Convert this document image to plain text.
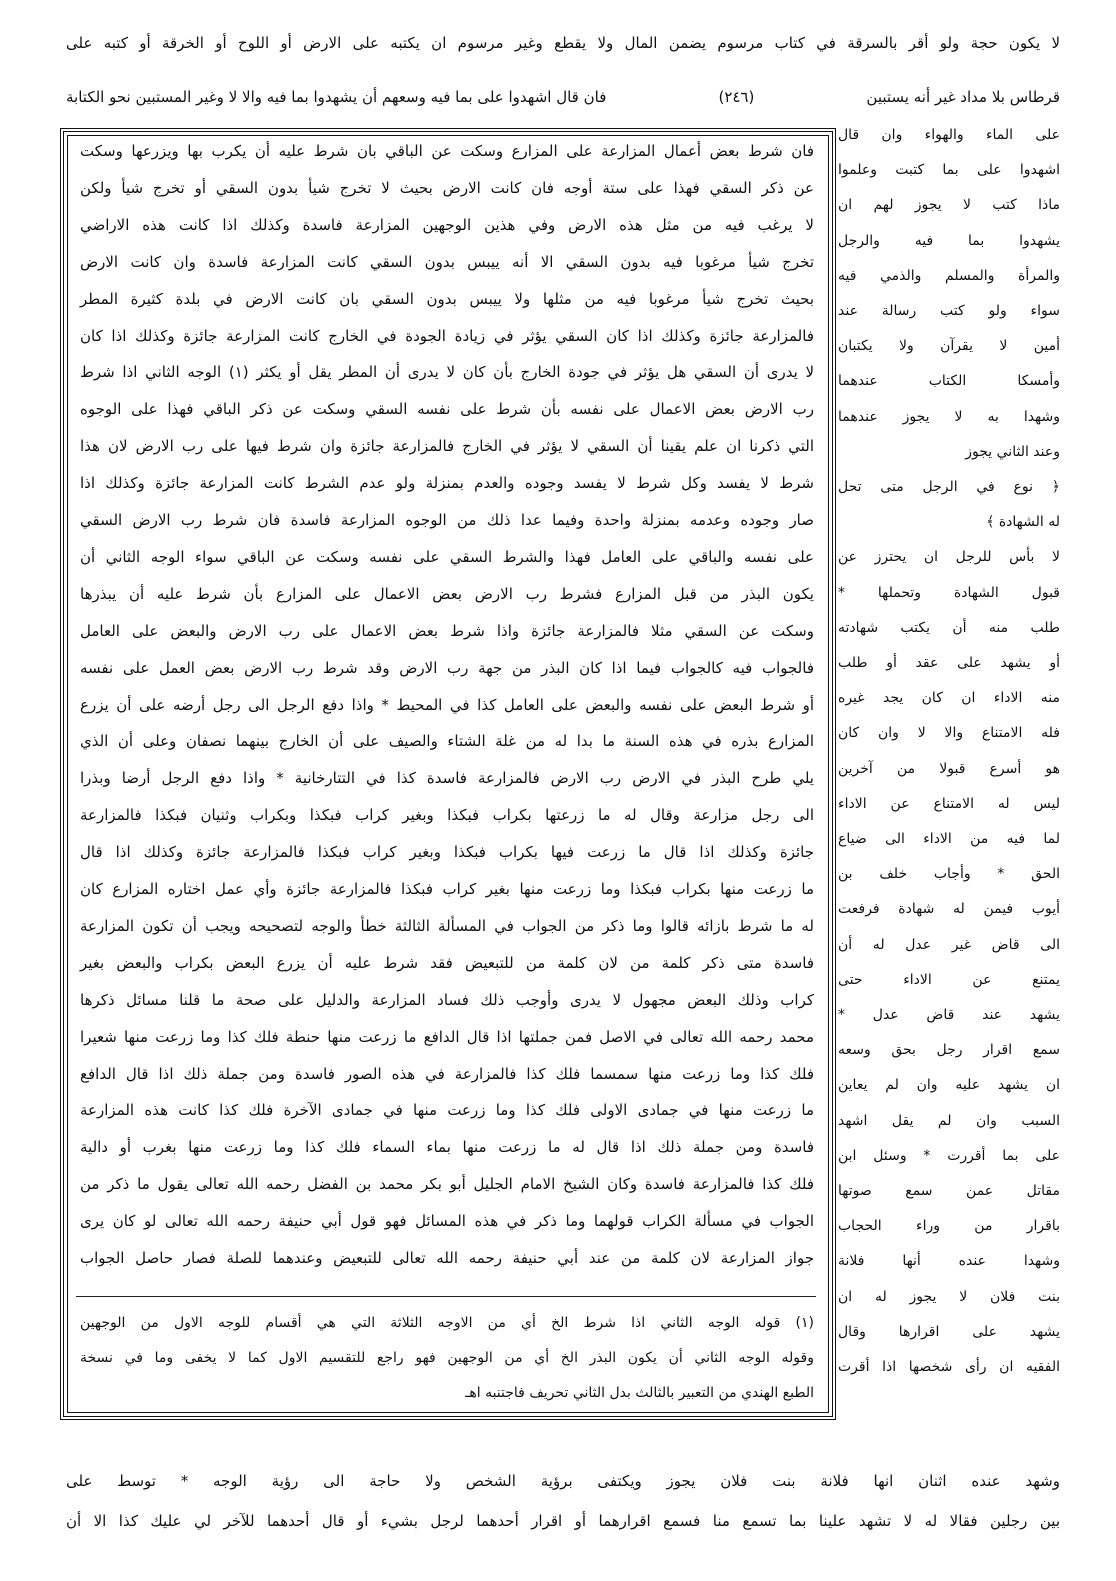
لا يكون حجة ولو أقر بالسرقة في كتاب مرسوم يضمن المال ولا يقطع وغير مرسوم ان يكتبه على الارض أو اللوح أو الخرقة أو كتبه على
قرطاس بلا مداد غير أنه يستبين
(٢٤٦)
فان قال اشهدوا على بما فيه وسعهم أن يشهدوا بما فيه والا لا وغير المستبين نحو الكتابة
فان شرط بعض أعمال المزارعة على المزارع وسكت عن الباقي بان شرط عليه أن يكرب بها ويزرعها وسكت
عن ذكر السقي فهذا على ستة أوجه فان كانت الارض بحيث لا تخرج شيأ بدون السقي أو تخرج شيأ ولكن
لا يرغب فيه من مثل هذه الارض وفي هذين الوجهين المزارعة فاسدة وكذلك اذا كانت هذه الاراضي
تخرج شيأ مرغوبا فيه بدون السقي الا أنه ييبس بدون السقي كانت المزارعة فاسدة وان كانت الارض
بحيث تخرج شيأ مرغوبا فيه من مثلها ولا ييبس بدون السقي بان كانت الارض في بلدة كثيرة المطر
فالمزارعة جائزة وكذلك اذا كان السقي يؤثر في زيادة الجودة في الخارج كانت المزارعة جائزة وكذلك اذا كان
لا يدرى أن السقي هل يؤثر في جودة الخارج بأن كان لا يدرى أن المطر يقل أو يكثر (١) الوجه الثاني اذا شرط
رب الارض بعض الاعمال على نفسه بأن شرط على نفسه السقي وسكت عن ذكر الباقي فهذا على الوجوه
التي ذكرنا ان علم يقينا أن السقي لا يؤثر في الخارج فالمزارعة جائزة وان شرط فيها على رب الارض لان هذا
شرط لا يفسد وكل شرط لا يفسد وجوده والعدم بمنزلة ولو عدم الشرط كانت المزارعة جائزة وكذلك اذا
صار وجوده وعدمه بمنزلة واحدة وفيما عدا ذلك من الوجوه المزارعة فاسدة فان شرط رب الارض السقي
على نفسه والباقي على العامل فهذا والشرط السقي على نفسه وسكت عن الباقي سواء الوجه الثاني أن
يكون البذر من قبل المزارع فشرط رب الارض بعض الاعمال على المزارع بأن شرط عليه أن يبذرها
وسكت عن السقي مثلا فالمزارعة جائزة واذا شرط بعض الاعمال على رب الارض والبعض على العامل
فالجواب فيه كالجواب فيما اذا كان البذر من جهة رب الارض وقد شرط رب الارض بعض العمل على نفسه
أو شرط البعض على نفسه والبعض على العامل كذا في المحيط * واذا دفع الرجل الى رجل أرضه على أن يزرع
المزارع بذره في هذه السنة ما بدا له من غلة الشتاء والصيف على أن الخارج بينهما نصفان وعلى أن الذي
يلي طرح البذر في الارض رب الارض فالمزارعة فاسدة كذا في التتارخانية * واذا دفع الرجل أرضا وبذرا
الى رجل مزارعة وقال له ما زرعتها بكراب فبكذا وبغير كراب فبكذا وبكراب وثنيان فبكذا فالمزارعة
جائزة وكذلك اذا قال ما زرعت فيها بكراب فبكذا وبغير كراب فبكذا فالمزارعة جائزة وكذلك اذا قال
ما زرعت منها بكراب فبكذا وما زرعت منها بغير كراب فبكذا فالمزارعة جائزة وأي عمل اختاره المزارع كان
له ما شرط بازائه قالوا وما ذكر من الجواب في المسألة الثالثة خطأ والوجه لتصحيحه ويجب أن تكون المزارعة
فاسدة متى ذكر كلمة من لان كلمة من للتبعيض فقد شرط عليه أن يزرع البعض بكراب والبعض بغير
كراب وذلك البعض مجهول لا يدرى وأوجب ذلك فساد المزارعة والدليل على صحة ما قلنا مسائل ذكرها
محمد رحمه الله تعالى في الاصل فمن جملتها اذا قال الدافع ما زرعت منها حنطة فلك كذا وما زرعت منها شعيرا
فلك كذا وما زرعت منها سمسما فلك كذا فالمزارعة في هذه الصور فاسدة ومن جملة ذلك اذا قال الدافع
ما زرعت منها في جمادى الاولى فلك كذا وما زرعت منها في جمادى الآخرة فلك كذا كانت هذه المزارعة
فاسدة ومن جملة ذلك اذا قال له ما زرعت منها بماء السماء فلك كذا وما زرعت منها بغرب أو دالية
فلك كذا فالمزارعة فاسدة وكان الشيخ الامام الجليل أبو بكر محمد بن الفضل رحمه الله تعالى يقول ما ذكر من
الجواب في مسألة الكراب قولهما وما ذكر في هذه المسائل فهو قول أبي حنيفة رحمه الله تعالى لو كان يرى
جواز المزارعة لان كلمة من عند أبي حنيفة رحمه الله تعالى للتبعيض وعندهما للصلة فصار حاصل الجواب
(١) قوله الوجه الثاني اذا شرط الخ أي من الاوجه الثلاثة التي هي أقسام للوجه الاول من الوجهين
وقوله الوجه الثاني أن يكون البذر الخ أي من الوجهين فهو راجع للتقسيم الاول كما لا يخفى وما في نسخة
الطبع الهندي من التعبير بالثالث بدل الثاني تحريف فاجتنبه اهـ
على الماء والهواء وان قال
اشهدوا على بما كتبت وعلموا
ماذا كتب لا يجوز لهم ان
يشهدوا بما فيه والرجل
والمرأة والمسلم والذمي فيه
سواء ولو كتب رسالة عند
أمين لا يقرآن ولا يكتبان
وأمسكا الكتاب عندهما
وشهدا به لا يجوز عندهما
وعند الثاني يجوز
﴿ نوع في الرجل متى تحل
له الشهادة ﴾
لا بأس للرجل ان يحترز عن
قبول الشهادة وتحملها *
طلب منه أن يكتب شهادته
أو يشهد على عقد أو طلب
منه الاداء ان كان يجد غيره
فله الامتناع والا لا وان كان
هو أسرع قبولا من آخرين
ليس له الامتناع عن الاداء
لما فيه من الاداء الى ضياع
الحق * وأجاب خلف بن
أيوب فيمن له شهادة فرفعت
الى قاض غير عدل له أن
يمتنع عن الاداء حتى
يشهد عند قاض عدل *
سمع اقرار رجل بحق وسعه
ان يشهد عليه وان لم يعاين
السبب وان لم يقل اشهد
على بما أقررت * وسئل ابن
مقاتل عمن سمع صوتها
باقرار من وراء الحجاب
وشهدا عنده أنها فلانة
بنت فلان لا يجوز له ان
يشهد على اقرارها وقال
الفقيه ان رأى شخصها اذا أقرت
وشهد عنده اثنان انها فلانة بنت فلان يجوز ويكتفى برؤية الشخص ولا حاجة الى رؤية الوجه * توسط على
بين رجلين فقالا له لا تشهد علينا بما تسمع منا فسمع اقرارهما أو اقرار أحدهما لرجل بشيء أو قال أحدهما للآخر لي عليك كذا الا أن
